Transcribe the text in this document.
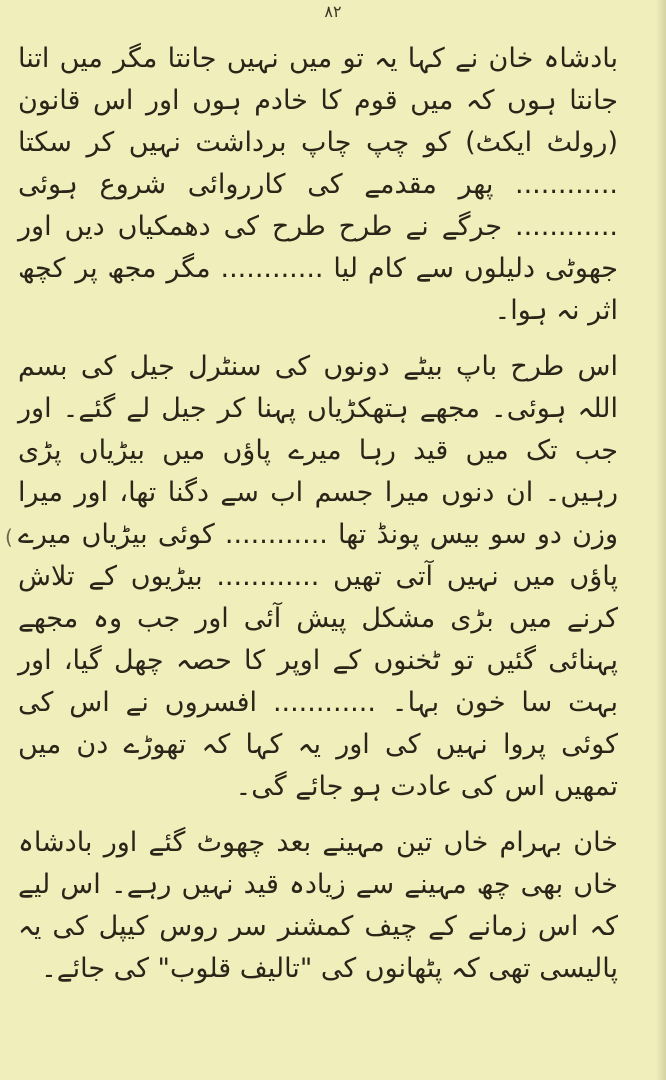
۸۲
(

بادشاہ خان نے کہا یہ تو میں نہیں جانتا مگر میں اتنا جانتا ہوں کہ میں قوم کا خادم ہوں اور اس قانون (رولٹ ایکٹ) کو چپ چاپ برداشت نہیں کر سکتا ............ پھر مقدمے کی کارروائی شروع ہوئی ............ جرگے نے طرح طرح کی دھمکیاں دیں اور جھوٹی دلیلوں سے کام لیا ............ مگر مجھ پر کچھ اثر نہ ہوا۔

اس طرح باپ بیٹے دونوں کی سنٹرل جیل کی بسم اللہ ہوئی۔ مجھے ہتھکڑیاں پہنا کر جیل لے گئے۔ اور جب تک میں قید رہا میرے پاؤں میں بیڑیاں پڑی رہیں۔ ان دنوں میرا جسم اب سے دگنا تھا، اور میرا وزن دو سو بیس پونڈ تھا ............ کوئی بیڑیاں میرے پاؤں میں نہیں آتی تھیں ............ بیڑیوں کے تلاش کرنے میں بڑی مشکل پیش آئی اور جب وہ مجھے پہنائی گئیں تو ٹخنوں کے اوپر کا حصہ چھل گیا، اور بہت سا خون بہا۔ ............ افسروں نے اس کی کوئی پروا نہیں کی اور یہ کہا کہ تھوڑے دن میں تمھیں اس کی عادت ہو جائے گی۔

خان بہرام خاں تین مہینے بعد چھوٹ گئے اور بادشاہ خاں بھی چھ مہینے سے زیادہ قید نہیں رہے۔ اس لیے کہ اس زمانے کے چیف کمشنر سر روس کیپل کی یہ پالیسی تھی کہ پٹھانوں کی "تالیف قلوب" کی جائے۔
